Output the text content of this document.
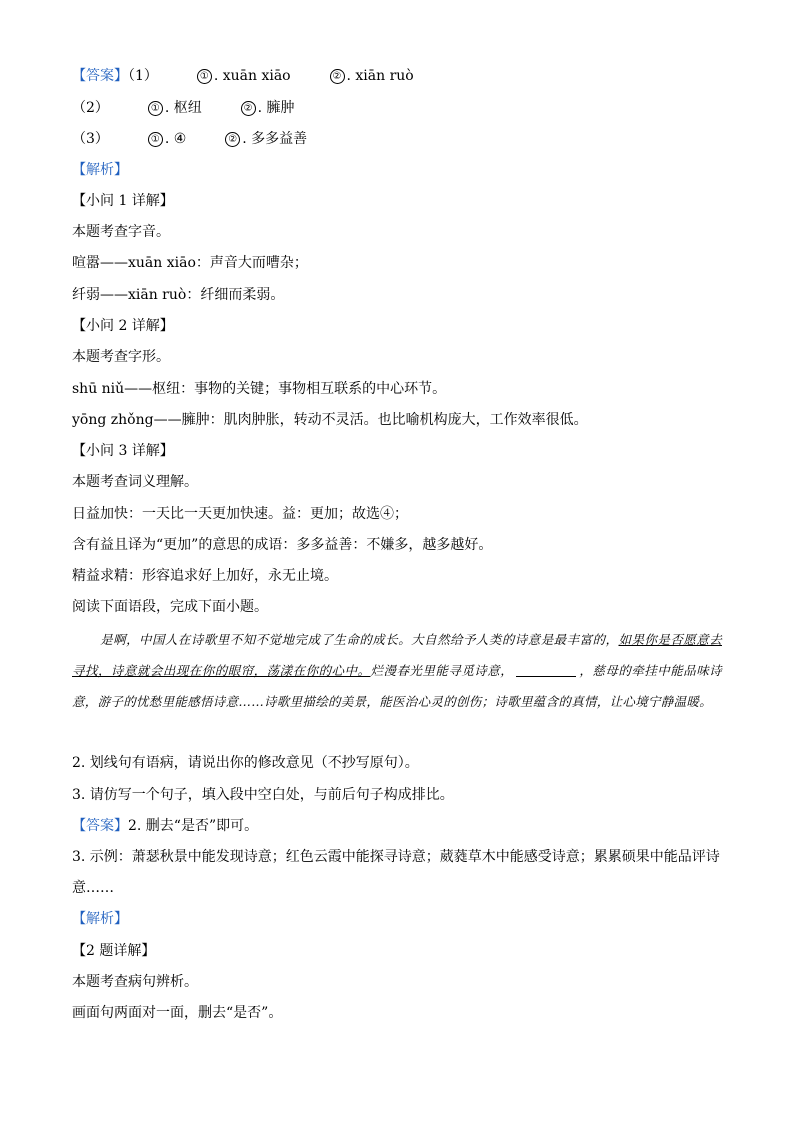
【答案】（1）	① . xuān xiāo	② . xiān ruò
（2）	① . 枢纽	② . 臃肿
（3）	① . ④	② . 多多益善
【解析】
【小问 1 详解】
本题考查字音。
喧嚣——xuān xiāo：声音大而嘈杂；
纤弱——xiān ruò：纤细而柔弱。
【小问 2 详解】
本题考查字形。
shū niǔ——枢纽：事物的关键；事物相互联系的中心环节。
yōng zhǒng——臃肿：肌肉肿胀，转动不灵活。也比喻机构庞大，工作效率很低。
【小问 3 详解】
本题考查词义理解。
日益加快：一天比一天更加快速。益：更加；故选④；
含有益且译为“更加”的意思的成语：多多益善：不嫌多，越多越好。
精益求精：形容追求好上加好，永无止境。
阅读下面语段，完成下面小题。
是啊，中国人在诗歌里不知不觉地完成了生命的成长。大自然给予人类的诗意是最丰富的，如果你是否愿意去寻找，诗意就会出现在你的眼帘，荡漾在你的心中。烂漫春光里能寻觅诗意，	，慈母的牵挂中能品味诗意，游子的忧愁里能感悟诗意……诗歌里描绘的美景，能医治心灵的创伤；诗歌里蕴含的真情，让心境宁静温暖。
2. 划线句有语病，请说出你的修改意见（不抄写原句）。
3. 请仿写一个句子，填入段中空白处，与前后句子构成排比。
【答案】2. 删去“是否”即可。
3. 示例：萧瑟秋景中能发现诗意；红色云霞中能探寻诗意；葳蕤草木中能感受诗意；累累硕果中能品评诗
意……
【解析】
【2 题详解】
本题考查病句辨析。
画面句两面对一面，删去“是否”。
